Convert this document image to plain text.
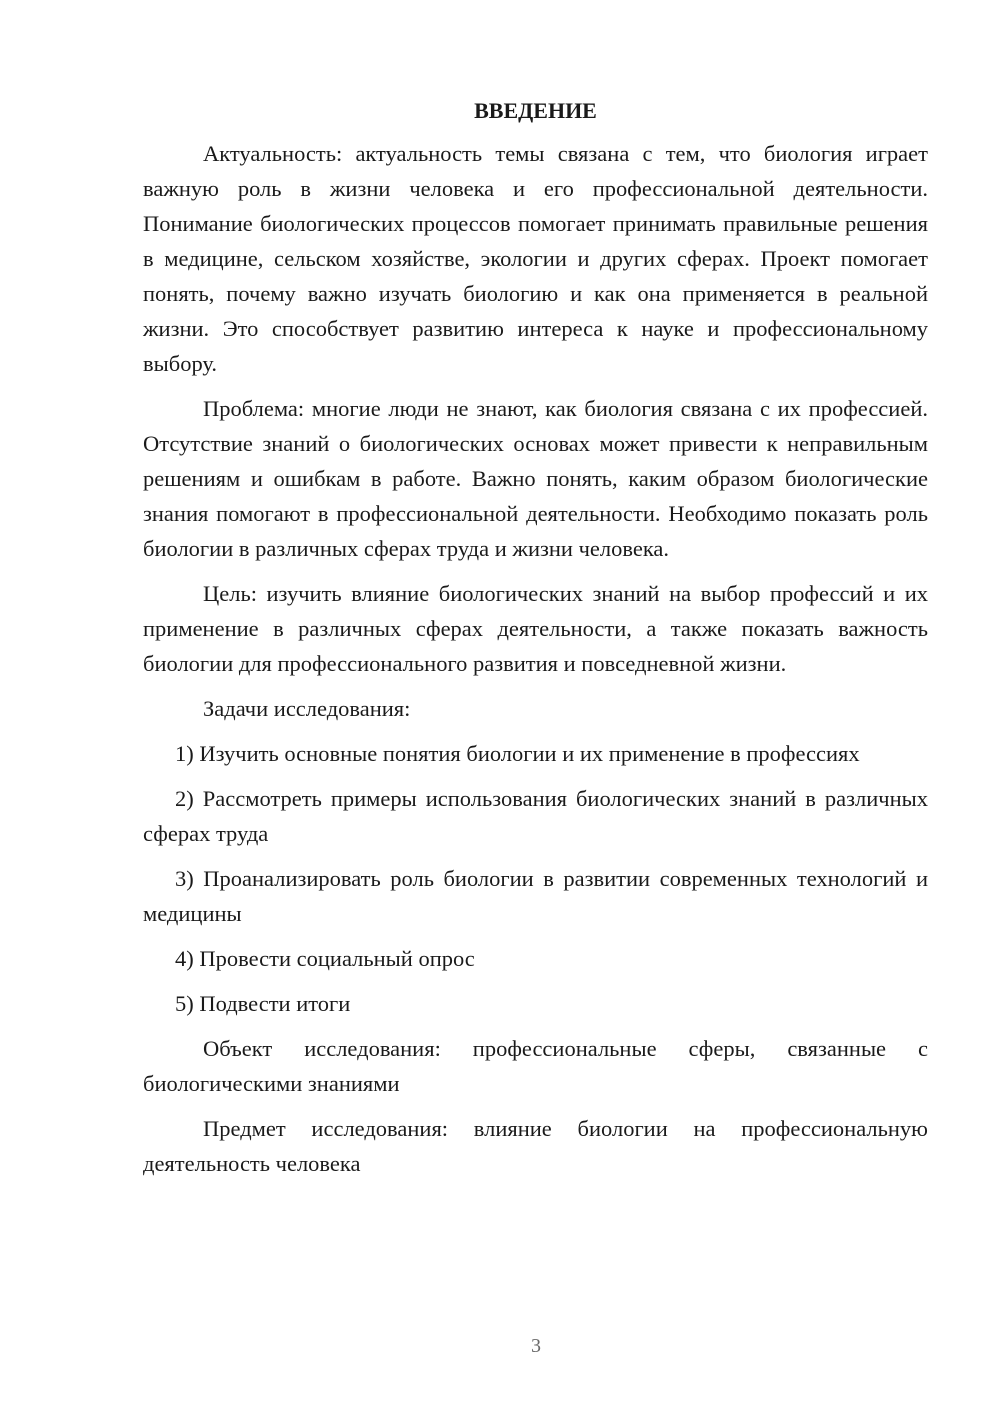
ВВЕДЕНИЕ

Актуальность: актуальность темы связана с тем, что биология играет важную роль в жизни человека и его профессиональной деятельности. Понимание биологических процессов помогает принимать правильные решения в медицине, сельском хозяйстве, экологии и других сферах. Проект помогает понять, почему важно изучать биологию и как она применяется в реальной жизни. Это способствует развитию интереса к науке и профессиональному выбору.

Проблема: многие люди не знают, как биология связана с их профессией. Отсутствие знаний о биологических основах может привести к неправильным решениям и ошибкам в работе. Важно понять, каким образом биологические знания помогают в профессиональной деятельности. Необходимо показать роль биологии в различных сферах труда и жизни человека.

Цель: изучить влияние биологических знаний на выбор профессий и их применение в различных сферах деятельности, а также показать важность биологии для профессионального развития и повседневной жизни.

Задачи исследования:

1) Изучить основные понятия биологии и их применение в профессиях

2) Рассмотреть примеры использования биологических знаний в различных сферах труда

3) Проанализировать роль биологии в развитии современных технологий и медицины

4) Провести социальный опрос

5) Подвести итоги

Объект исследования: профессиональные сферы, связанные с биологическими знаниями

Предмет исследования: влияние биологии на профессиональную деятельность человека

3
